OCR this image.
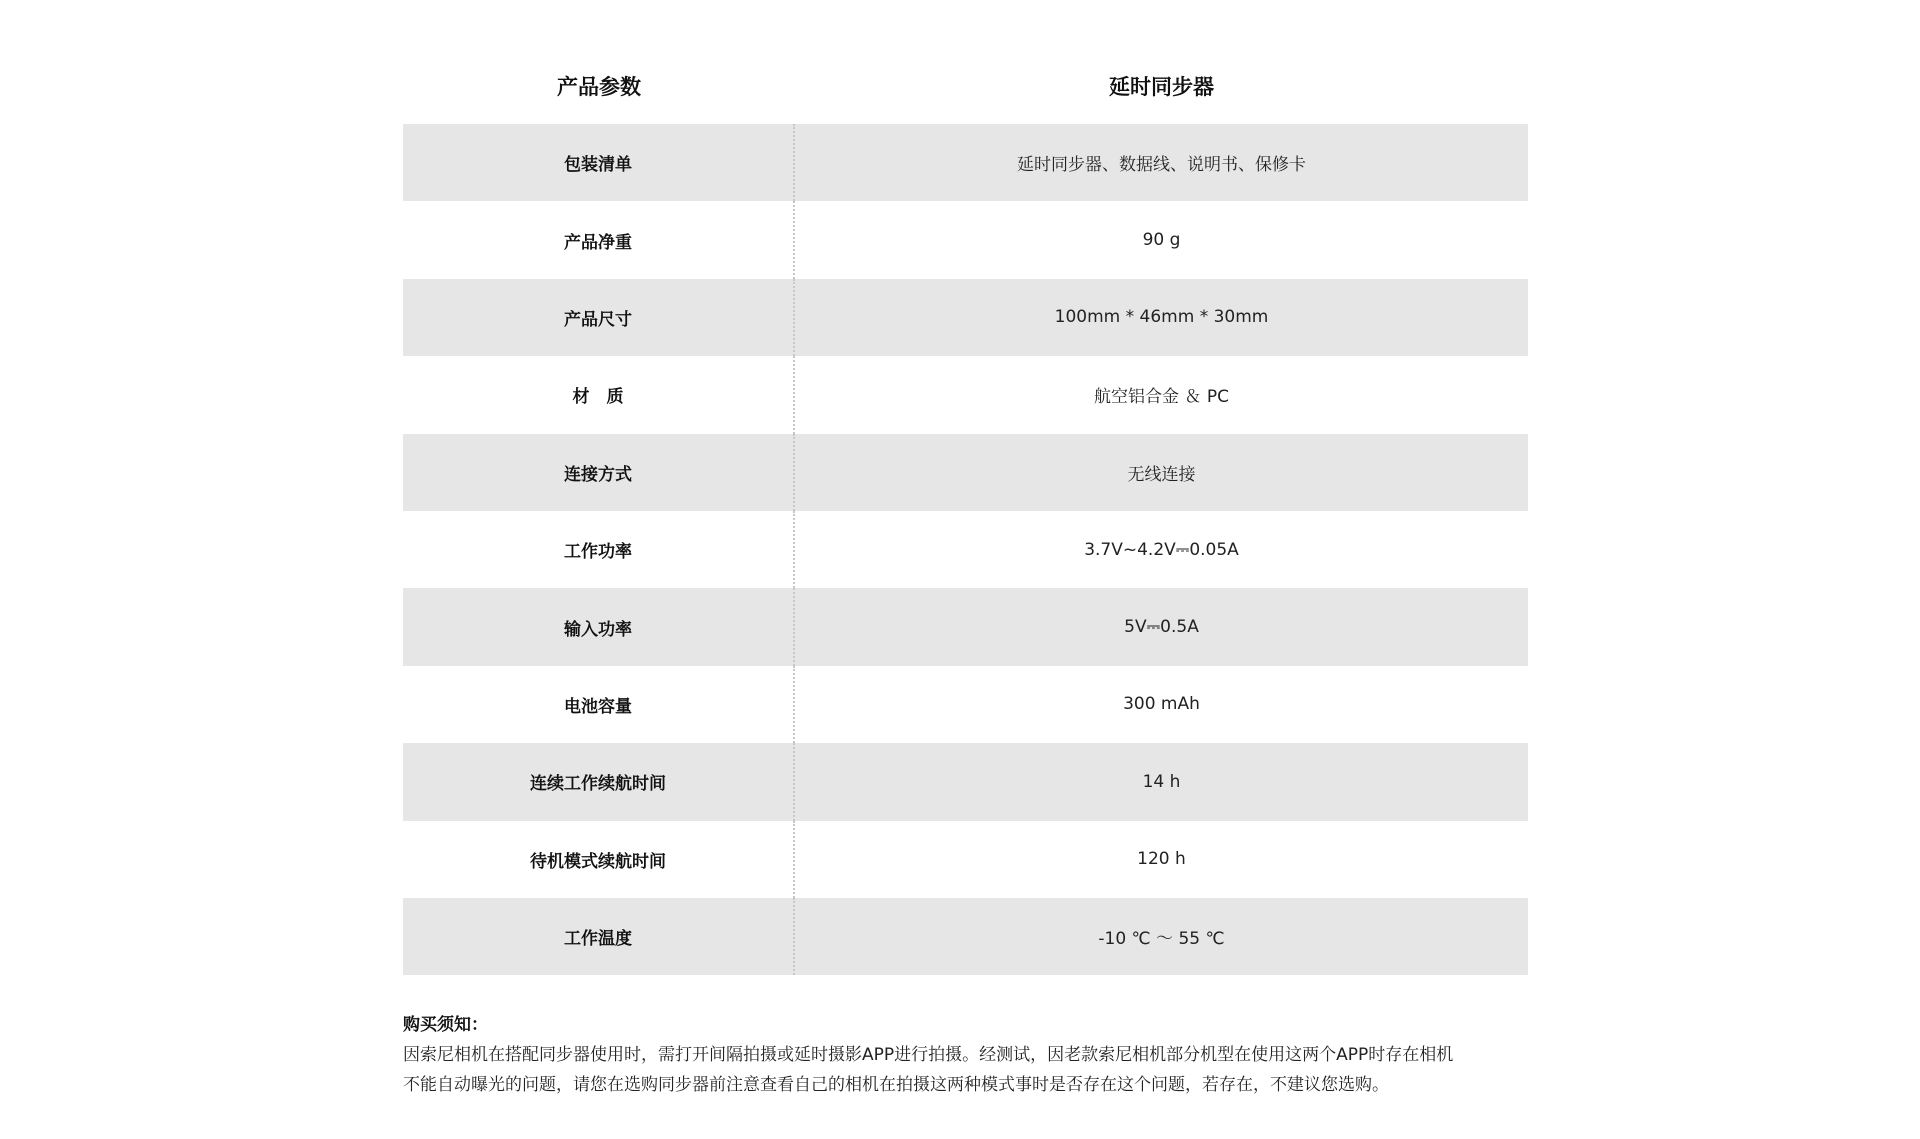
产品参数	延时同步器
包装清单	延时同步器、数据线、说明书、保修卡
产品净重	90 g
产品尺寸	100mm * 46mm * 30mm
材　质	航空铝合金 ＆ PC
连接方式	无线连接
工作功率	3.7V~4.2V⎓0.05A
输入功率	5V⎓0.5A
电池容量	300 mAh
连续工作续航时间	14 h
待机模式续航时间	120 h
工作温度	-10 ℃ ～ 55 ℃
购买须知：
因索尼相机在搭配同步器使用时，需打开间隔拍摄或延时摄影APP进行拍摄。经测试，因老款索尼相机部分机型在使用这两个APP时存在相机
不能自动曝光的问题，请您在选购同步器前注意查看自己的相机在拍摄这两种模式事时是否存在这个问题，若存在，不建议您选购。
